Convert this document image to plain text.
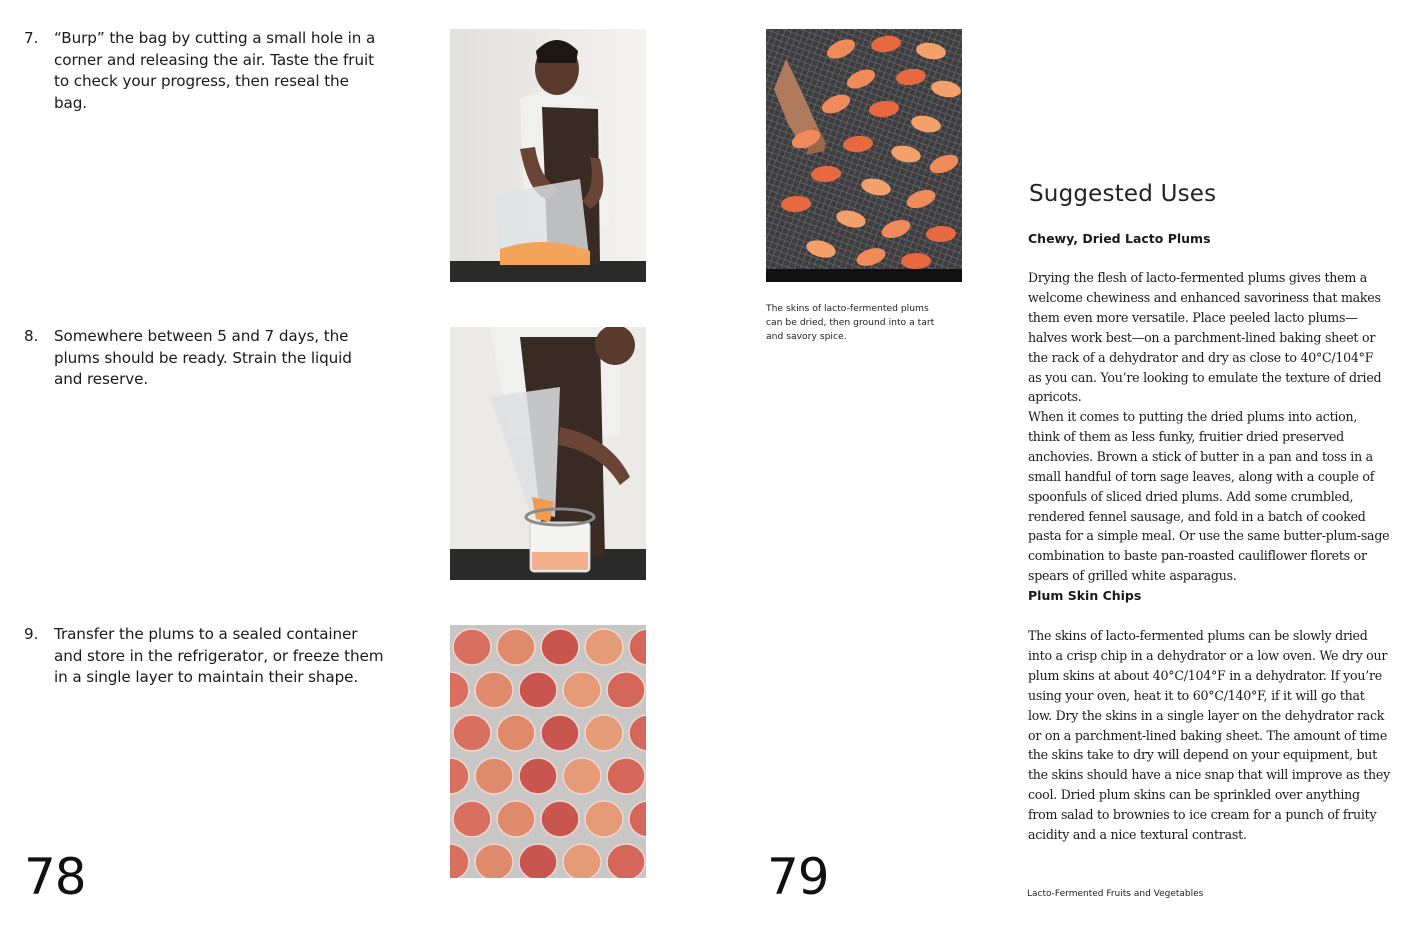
7. “Burp” the bag by cutting a small hole in a corner and releasing the air. Taste the fruit to check your progress, then reseal the bag.
8. Somewhere between 5 and 7 days, the plums should be ready. Strain the liquid and reserve.
9. Transfer the plums to a sealed container and store in the refrigerator, or freeze them in a single layer to maintain their shape.
78
The skins of lacto-fermented plums can be dried, then ground into a tart and savory spice.
Suggested Uses
Chewy, Dried Lacto Plums
Drying the flesh of lacto-fermented plums gives them a welcome chewiness and enhanced savoriness that makes them even more versatile. Place peeled lacto plums—halves work best—on a parchment-lined baking sheet or the rack of a dehydrator and dry as close to 40°C/104°F as you can. You’re looking to emulate the texture of dried apricots.
When it comes to putting the dried plums into action, think of them as less funky, fruitier dried preserved anchovies. Brown a stick of butter in a pan and toss in a small handful of torn sage leaves, along with a couple of spoonfuls of sliced dried plums. Add some crumbled, rendered fennel sausage, and fold in a batch of cooked pasta for a simple meal. Or use the same butter-plum-sage combination to baste pan-roasted cauliflower florets or spears of grilled white asparagus.
Plum Skin Chips
The skins of lacto-fermented plums can be slowly dried into a crisp chip in a dehydrator or a low oven. We dry our plum skins at about 40°C/104°F in a dehydrator. If you’re using your oven, heat it to 60°C/140°F, if it will go that low. Dry the skins in a single layer on the dehydrator rack or on a parchment-lined baking sheet. The amount of time the skins take to dry will depend on your equipment, but the skins should have a nice snap that will improve as they cool. Dried plum skins can be sprinkled over anything from salad to brownies to ice cream for a punch of fruity acidity and a nice textural contrast.
79	Lacto-Fermented Fruits and Vegetables
